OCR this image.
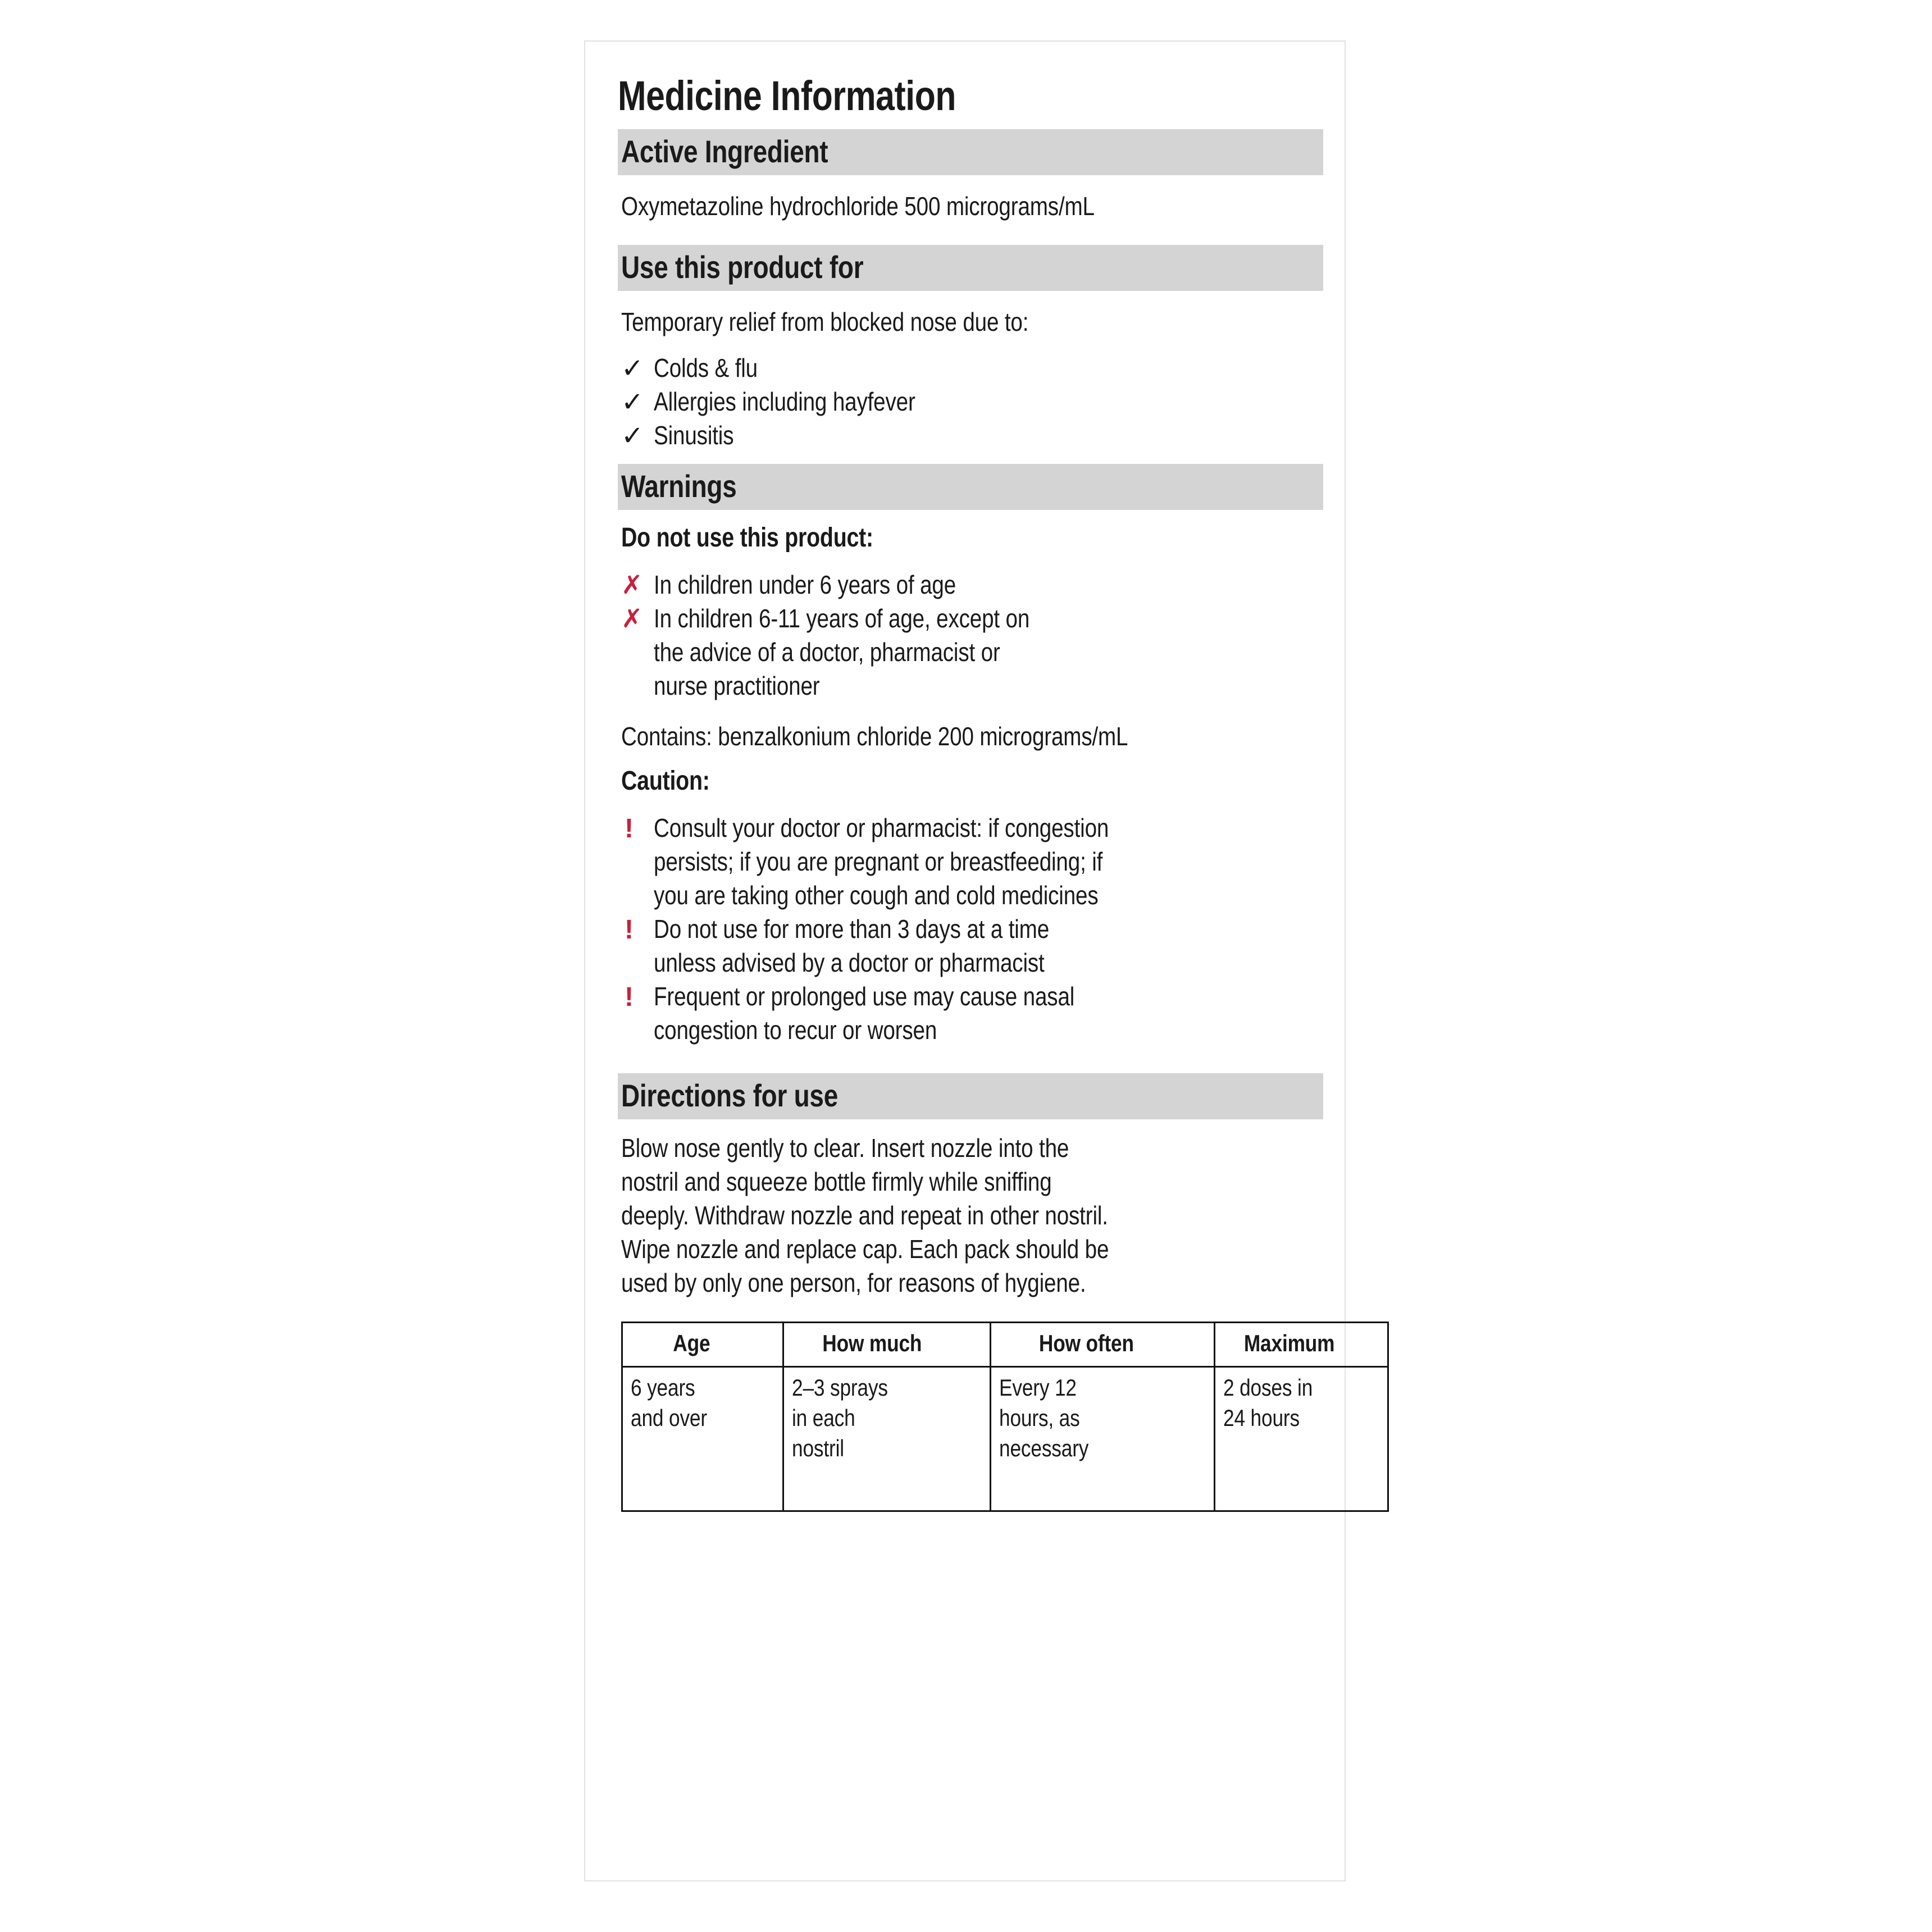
Medicine Information
Active Ingredient
Oxymetazoline hydrochloride 500 micrograms/mL
Use this product for
Temporary relief from blocked nose due to:
✓ Colds & flu
✓ Allergies including hayfever
✓ Sinusitis
Warnings
Do not use this product:
✗ In children under 6 years of age
✗ In children 6-11 years of age, except on
the advice of a doctor, pharmacist or
nurse practitioner
Contains: benzalkonium chloride 200 micrograms/mL
Caution:
! Consult your doctor or pharmacist: if congestion
persists; if you are pregnant or breastfeeding; if
you are taking other cough and cold medicines
! Do not use for more than 3 days at a time
unless advised by a doctor or pharmacist
! Frequent or prolonged use may cause nasal
congestion to recur or worsen
Directions for use
Blow nose gently to clear. Insert nozzle into the
nostril and squeeze bottle firmly while sniffing
deeply. Withdraw nozzle and repeat in other nostril.
Wipe nozzle and replace cap. Each pack should be
used by only one person, for reasons of hygiene.
Age	How much	How often	Maximum

6 years
and over	2–3 sprays
in each
nostril	Every 12
hours, as
necessary	2 doses in
24 hours
